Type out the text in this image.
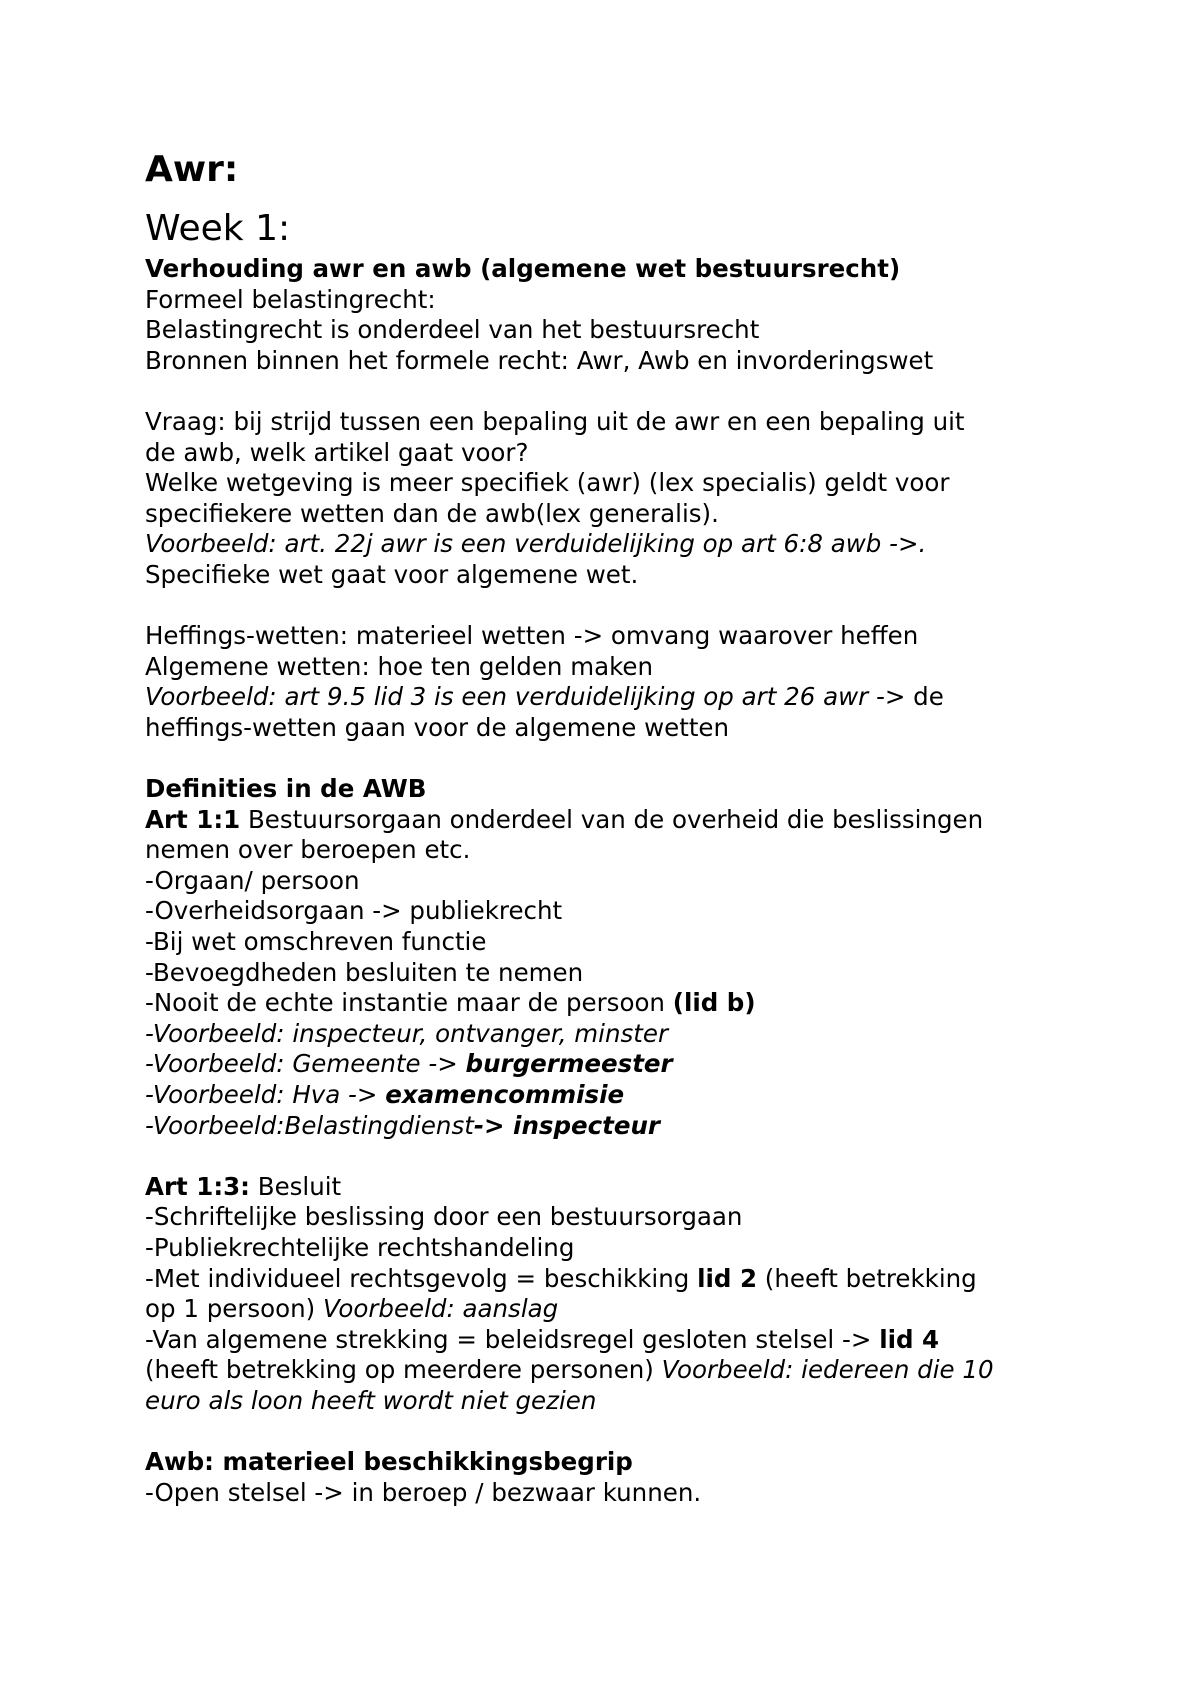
Awr:
Week 1:

Verhouding awr en awb (algemene wet bestuursrecht)

Formeel belastingrecht:

Belastingrecht is onderdeel van het bestuursrecht

Bronnen binnen het formele recht: Awr, Awb en invorderingswet

Vraag: bij strijd tussen een bepaling uit de awr en een bepaling uit

de awb, welk artikel gaat voor?

Welke wetgeving is meer specifiek (awr) (lex specialis) geldt voor

specifiekere wetten dan de awb(lex generalis).

Voorbeeld: art. 22j awr is een verduidelijking op art 6:8 awb ->.

Specifieke wet gaat voor algemene wet.

Heffings-wetten: materieel wetten -> omvang waarover heffen

Algemene wetten: hoe ten gelden maken

Voorbeeld: art 9.5 lid 3 is een verduidelijking op art 26 awr -> de

heffings-wetten gaan voor de algemene wetten

Definities in de AWB

Art 1:1 Bestuursorgaan onderdeel van de overheid die beslissingen

nemen over beroepen etc.

-Orgaan/ persoon

-Overheidsorgaan -> publiekrecht

-Bij wet omschreven functie

-Bevoegdheden besluiten te nemen

-Nooit de echte instantie maar de persoon (lid b)

-Voorbeeld: inspecteur, ontvanger, minster

-Voorbeeld: Gemeente -> burgermeester

-Voorbeeld: Hva -> examencommisie

-Voorbeeld:Belastingdienst-> inspecteur

Art 1:3: Besluit

-Schriftelijke beslissing door een bestuursorgaan

-Publiekrechtelijke rechtshandeling

-Met individueel rechtsgevolg = beschikking lid 2 (heeft betrekking

op 1 persoon) Voorbeeld: aanslag

-Van algemene strekking = beleidsregel gesloten stelsel -> lid 4

(heeft betrekking op meerdere personen) Voorbeeld: iedereen die 10

euro als loon heeft wordt niet gezien

Awb: materieel beschikkingsbegrip

-Open stelsel -> in beroep / bezwaar kunnen.
